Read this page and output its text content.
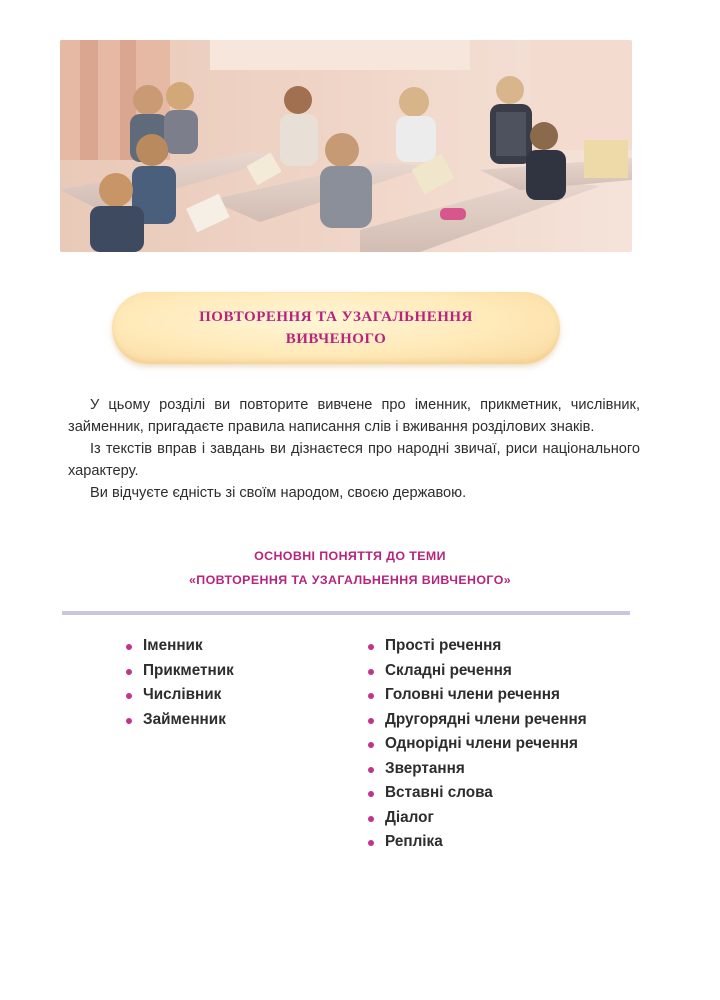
ПОВТОРЕННЯ ТА УЗАГАЛЬНЕННЯ
ВИВЧЕНОГО

У цьому розділі ви повторите вивчене про іменник, прикметник, числівник, займенник, пригадаєте правила написання слів і вживання розділових знаків.

Із текстів вправ і завдань ви дізнаєтеся про народні звичаї, риси національного характеру.

Ви відчуєте єдність зі своїм народом, своєю державою.

ОСНОВНІ ПОНЯТТЯ ДО ТЕМИ
«ПОВТОРЕННЯ ТА УЗАГАЛЬНЕННЯ ВИВЧЕНОГО»
Іменник
Прикметник
Числівник
Займенник
Прості речення
Складні речення
Головні члени речення
Другорядні члени речення
Однорідні члени речення
Звертання
Вставні слова
Діалог
Репліка
